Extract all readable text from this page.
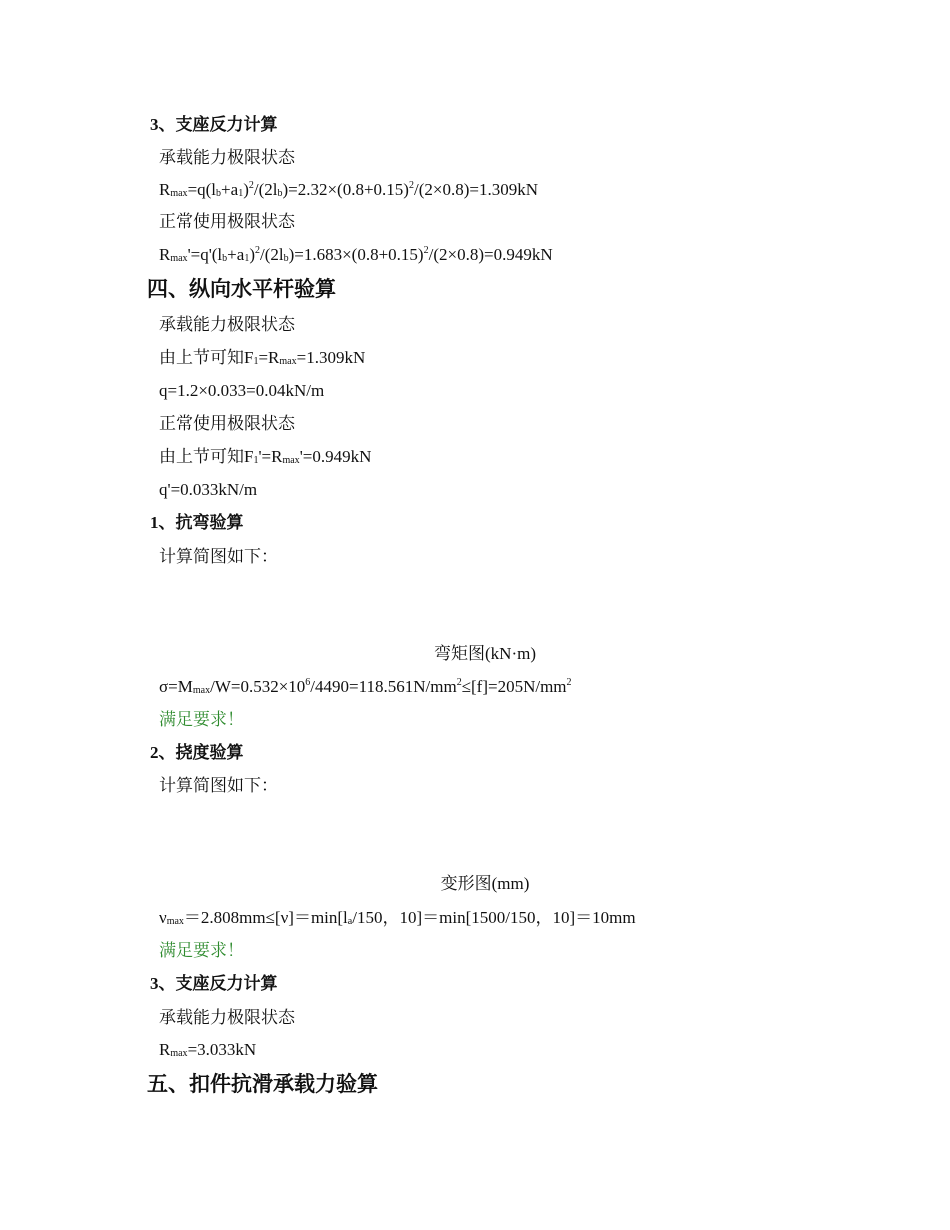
3、支座反力计算
承载能力极限状态
$R_{max}=q(l_b+a_1)^2/(2l_b)=2.32\times(0.8+0.15)^2/(2\times 0.8)=1.309kN$
正常使用极限状态
$R_{max}'=q'(l_b+a_1)^2/(2l_b)=1.683\times(0.8+0.15)^2/(2\times 0.8)=0.949kN$
四、纵向水平杆验算
承载能力极限状态
由上节可知$F_1=R_{max}=1.309kN$
q=1.2×0.033=0.04kN/m
正常使用极限状态
由上节可知$F_1'=R_{max}'=0.949kN$
q'=0.033kN/m
1、抗弯验算
计算简图如下：
弯矩图(kN·m)
$\sigma=M_{max}/W=0.532\times 10^6/4490=118.561N/mm^2\le[f]=205N/mm^2$
满足要求！
2、挠度验算
计算简图如下：
变形图(mm)
$\nu_{max}=2.808mm\le[\nu]=\min[l_a/150$，10]＝min[1500/150，10]＝10mm
满足要求！
3、支座反力计算
承载能力极限状态
$R_{max}=3.033kN$
五、扣件抗滑承载力验算
